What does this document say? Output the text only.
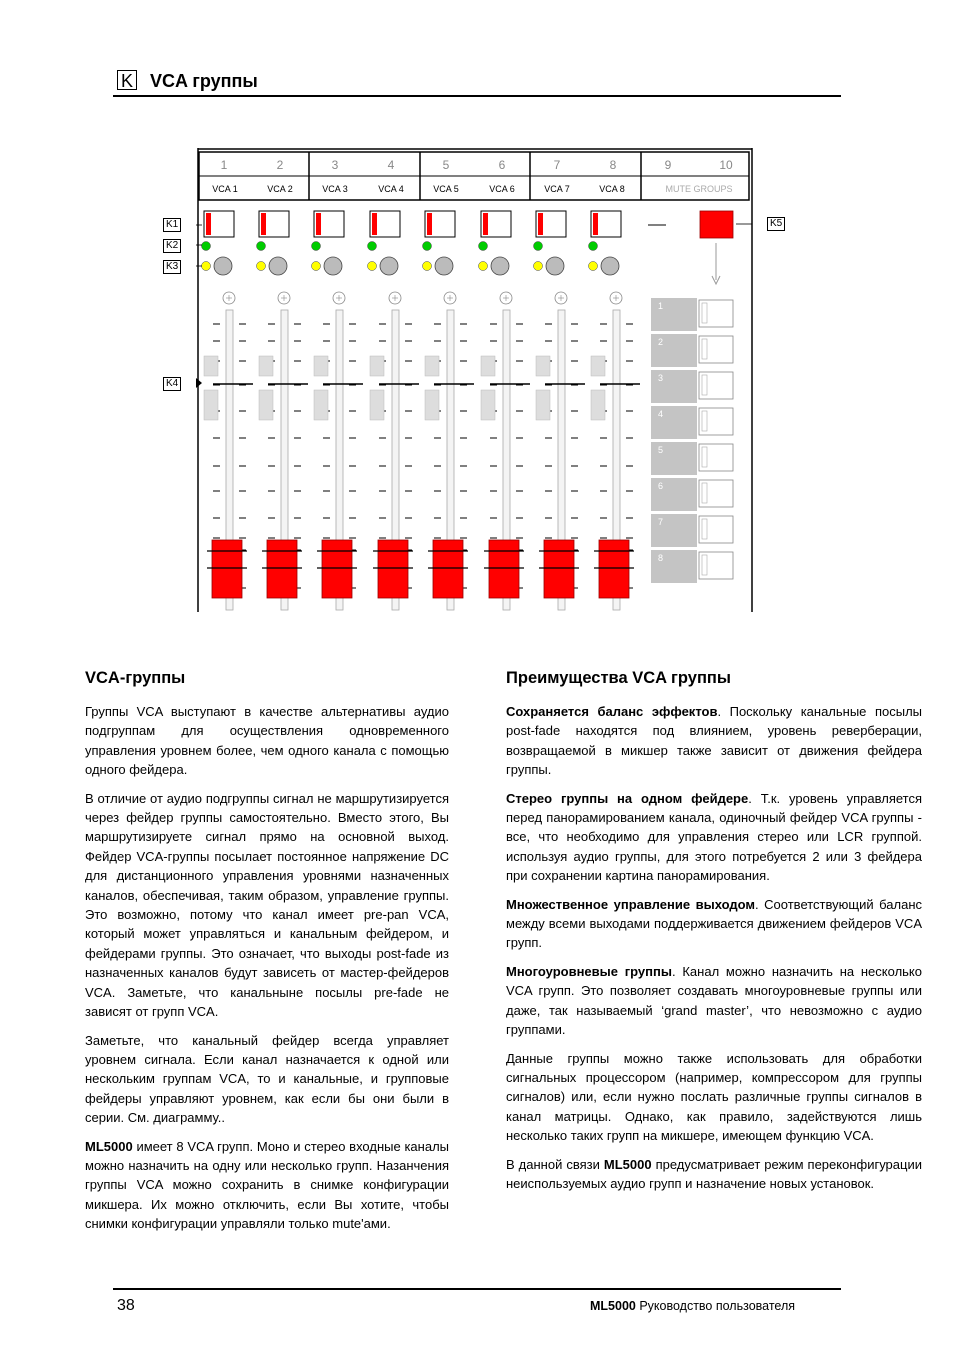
K VCA группы
1	2	3	4	5	6	7	8	9	10
VCA 1	VCA 2	VCA 3	VCA 4	VCA 5	VCA 6	VCA 7	VCA 8	MUTE GROUPS
1
2
3
4
5
6
7
8
K1
K2
K3
K4
K5
VCA-группы

Группы VCA выступают в качестве альтернативы аудио подгруппам для осуществления одновременного управления уровнем более, чем одного канала с помощью одного фейдера.

В отличие от аудио подгруппы сигнал не маршрутизируется через фейдер группы самостоятельно. Вместо этого, Вы маршрутизируете сигнал прямо на основной выход. Фейдер VCA-группы посылает постоянное напряжение DC для дистанционного управления уровнями назначенных каналов, обеспечивая, таким образом, управление группы. Это возможно, потому что канал имеет pre-pan VCA, который может управляться и канальным фейдером, и фейдерами группы. Это означает, что выходы post-fade из назначенных каналов будут зависеть от мастер-фейдеров VCA. Заметьте, что канальныне посылы pre-fade не зависят от групп VCA.

Заметьте, что канальный фейдер всегда управляет уровнем сигнала. Если канал назначается к одной или нескольким группам VCA, то и канальные, и групповые фейдеры управляют уровнем, как если бы они были в серии. См. диаграмму..

ML5000 имеет 8 VCA групп. Моно и стерео входные каналы можно назначить на одну или несколько групп. Назанчения группы VCA можно сохранить в снимке конфигурации микшера. Их можно отключить, если Вы хотите, чтобы снимки конфигурации управляли только mute'ами.

Преимущества VCA группы

Сохраняется баланс эффектов. Поскольку канальные посылы post-fade находятся под влиянием, уровень реверберации, возвращаемой в микшер также зависит от движения фейдера группы.

Стерео группы на одном фейдере. Т.к. уровень управляется перед панорамированием канала, одиночный фейдер VCA группы - все, что необходимо для управления стерео или LCR группой. используя аудио группы, для этого потребуется 2 или 3 фейдера при сохранении картина панорамирования.

Множественное управление выходом. Соответствующий баланс между всеми выходами поддерживается движением фейдеров VCA групп.

Многоуровневые группы. Канал можно назначить на несколько VCA групп. Это позволяет создавать многоуровневые группы или даже, так называемый ‘grand master’, что невозможно с аудио группами.

Данные группы можно также использовать для обработки сигнальных процессором (например, компрессором для группы сигналов) или, если нужно послать различные группы сигналов в канал матрицы. Однако, как правило, задействуются лишь несколько таких групп на микшере, имеющем функцию VCA.

В данной связи ML5000 предусматривает режим переконфигурации неиспользуемых аудио групп и назначение новых установок.

38	ML5000 Руководство пользователя
